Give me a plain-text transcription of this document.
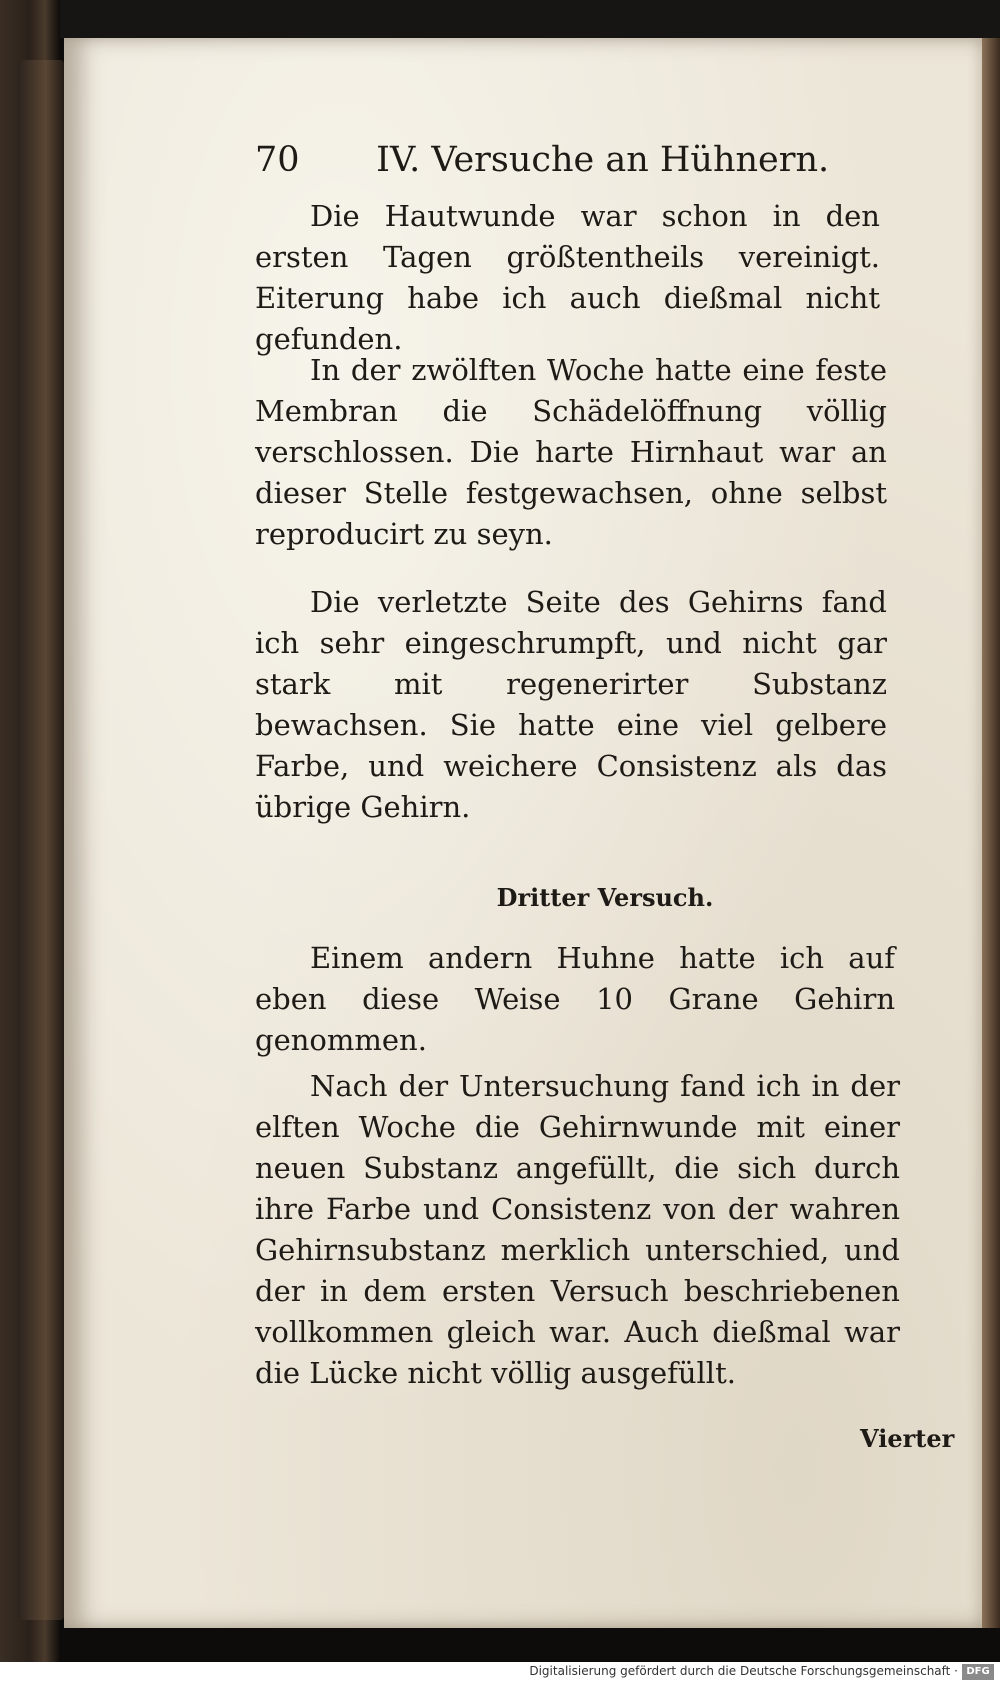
70 IV. Versuche an Hühnern.

Die Hautwunde war schon in den ersten Tagen größtentheils vereinigt. Eiterung habe ich auch dießmal nicht gefunden.

In der zwölften Woche hatte eine feste Membran die Schädelöffnung völlig verschlossen. Die harte Hirnhaut war an dieser Stelle festgewachsen, ohne selbst reproducirt zu seyn.

Die verletzte Seite des Gehirns fand ich sehr eingeschrumpft, und nicht gar stark mit regenerirter Substanz bewachsen. Sie hatte eine viel gelbere Farbe, und weichere Consistenz als das übrige Gehirn.

Dritter Versuch.

Einem andern Huhne hatte ich auf eben diese Weise 10 Grane Gehirn genommen.

Nach der Untersuchung fand ich in der elften Woche die Gehirnwunde mit einer neuen Substanz angefüllt, die sich durch ihre Farbe und Consistenz von der wahren Gehirnsubstanz merklich unterschied, und der in dem ersten Versuch beschriebenen vollkommen gleich war. Auch dießmal war die Lücke nicht völlig ausgefüllt.

Vierter
Digitalisierung gefördert durch die Deutsche Forschungsgemeinschaft · DFG
